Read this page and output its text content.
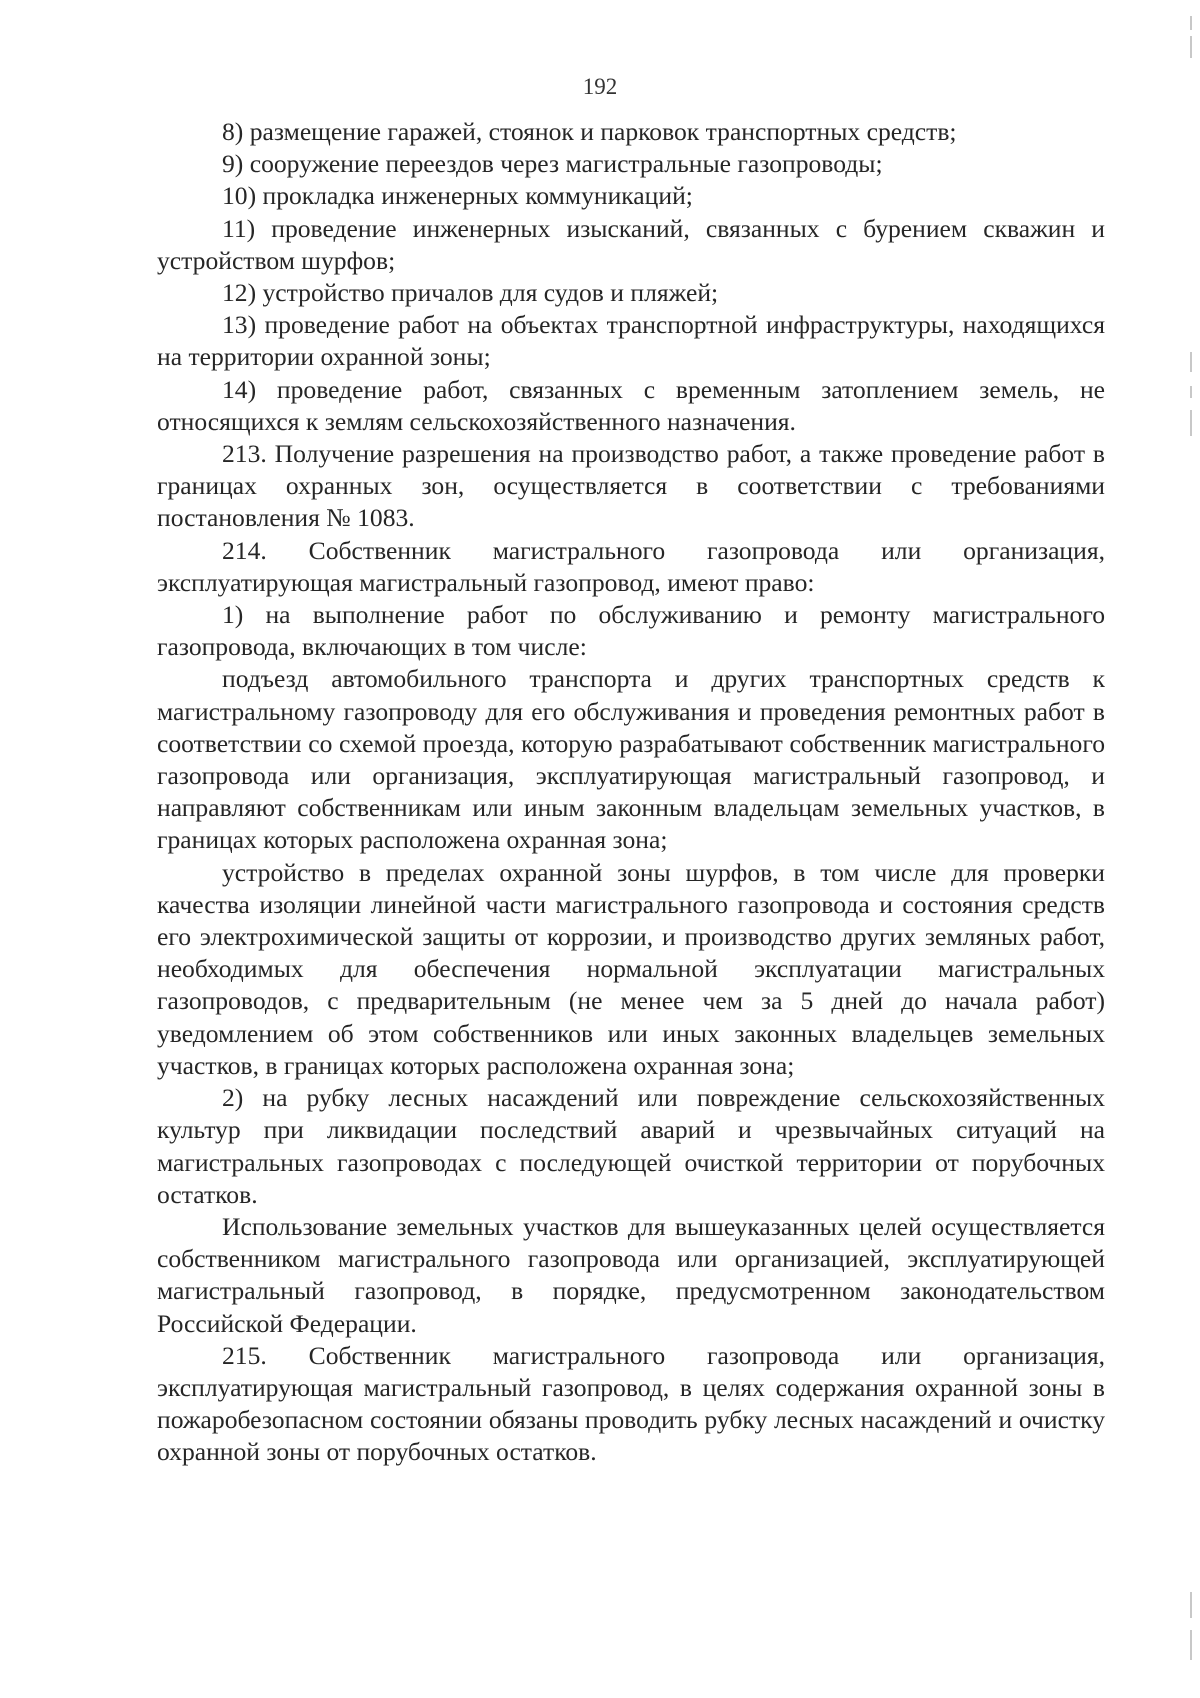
192

8) размещение гаражей, стоянок и парковок транспортных средств;

9) сооружение переездов через магистральные газопроводы;

10) прокладка инженерных коммуникаций;

11) проведение инженерных изысканий, связанных с бурением скважин и устройством шурфов;

12) устройство причалов для судов и пляжей;

13) проведение работ на объектах транспортной инфраструктуры, находящихся на территории охранной зоны;

14) проведение работ, связанных с временным затоплением земель, не относящихся к землям сельскохозяйственного назначения.

213. Получение разрешения на производство работ, а также проведение работ в границах охранных зон, осуществляется в соответствии с требованиями постановления № 1083.

214. Собственник магистрального газопровода или организация, эксплуатирующая магистральный газопровод, имеют право:

1) на выполнение работ по обслуживанию и ремонту магистрального газопровода, включающих в том числе:

подъезд автомобильного транспорта и других транспортных средств к магистральному газопроводу для его обслуживания и проведения ремонтных работ в соответствии со схемой проезда, которую разрабатывают собственник магистрального газопровода или организация, эксплуатирующая магистральный газопровод, и направляют собственникам или иным законным владельцам земельных участков, в границах которых расположена охранная зона;

устройство в пределах охранной зоны шурфов, в том числе для проверки качества изоляции линейной части магистрального газопровода и состояния средств его электрохимической защиты от коррозии, и производство других земляных работ, необходимых для обеспечения нормальной эксплуатации магистральных газопроводов, с предварительным (не менее чем за 5 дней до начала работ) уведомлением об этом собственников или иных законных владельцев земельных участков, в границах которых расположена охранная зона;

2) на рубку лесных насаждений или повреждение сельскохозяйственных культур при ликвидации последствий аварий и чрезвычайных ситуаций на магистральных газопроводах с последующей очисткой территории от порубочных остатков.

Использование земельных участков для вышеуказанных целей осуществляется собственником магистрального газопровода или организацией, эксплуатирующей магистральный газопровод, в порядке, предусмотренном законодательством Российской Федерации.

215. Собственник магистрального газопровода или организация, эксплуатирующая магистральный газопровод, в целях содержания охранной зоны в пожаробезопасном состоянии обязаны проводить рубку лесных насаждений и очистку охранной зоны от порубочных остатков.
